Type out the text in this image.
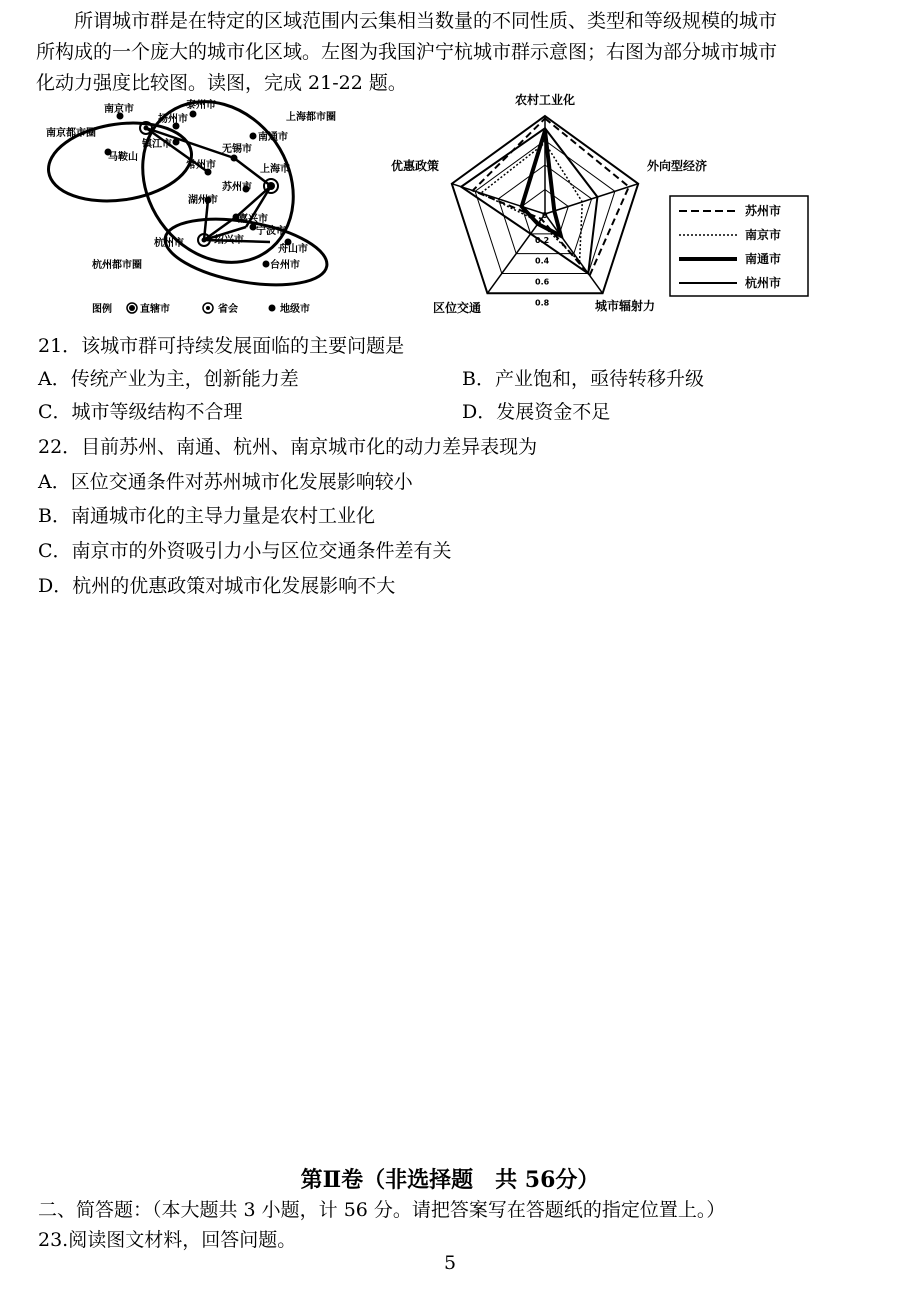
所谓城市群是在特定的区域范围内云集相当数量的不同性质、类型和等级规模的城市

所构成的一个庞大的城市化区域。左图为我国沪宁杭城市群示意图；右图为部分城市城市

化动力强度比较图。读图，完成 21-22 题。

南京市	泰州市
扬州市
镇江市
马鞍山
常州市
无锡市
南通市
上海市
苏州市
湖州市
嘉兴市
宁波市
杭州市	绍兴市
舟山市
台州市
南京都市圈
上海都市圈
杭州都市圈
图例	直辖市	省会	地级市
0
0.2
0.4
0.6
0.8
农村工业化
外向型经济
城市辐射力
区位交通
优惠政策
苏州市
南京市
南通市
杭州市
21．该城市群可持续发展面临的主要问题是
A．传统产业为主，创新能力差	B．产业饱和，亟待转移升级
C．城市等级结构不合理	D．发展资金不足
22．目前苏州、南通、杭州、南京城市化的动力差异表现为
A．区位交通条件对苏州城市化发展影响较小
B．南通城市化的主导力量是农村工业化
C．南京市的外资吸引力小与区位交通条件差有关
D．杭州的优惠政策对城市化发展影响不大
第Ⅱ卷（非选择题　共 56分）
二、简答题：（本大题共 3 小题，计 56 分。请把答案写在答题纸的指定位置上。）
23.阅读图文材料，回答问题。
5
